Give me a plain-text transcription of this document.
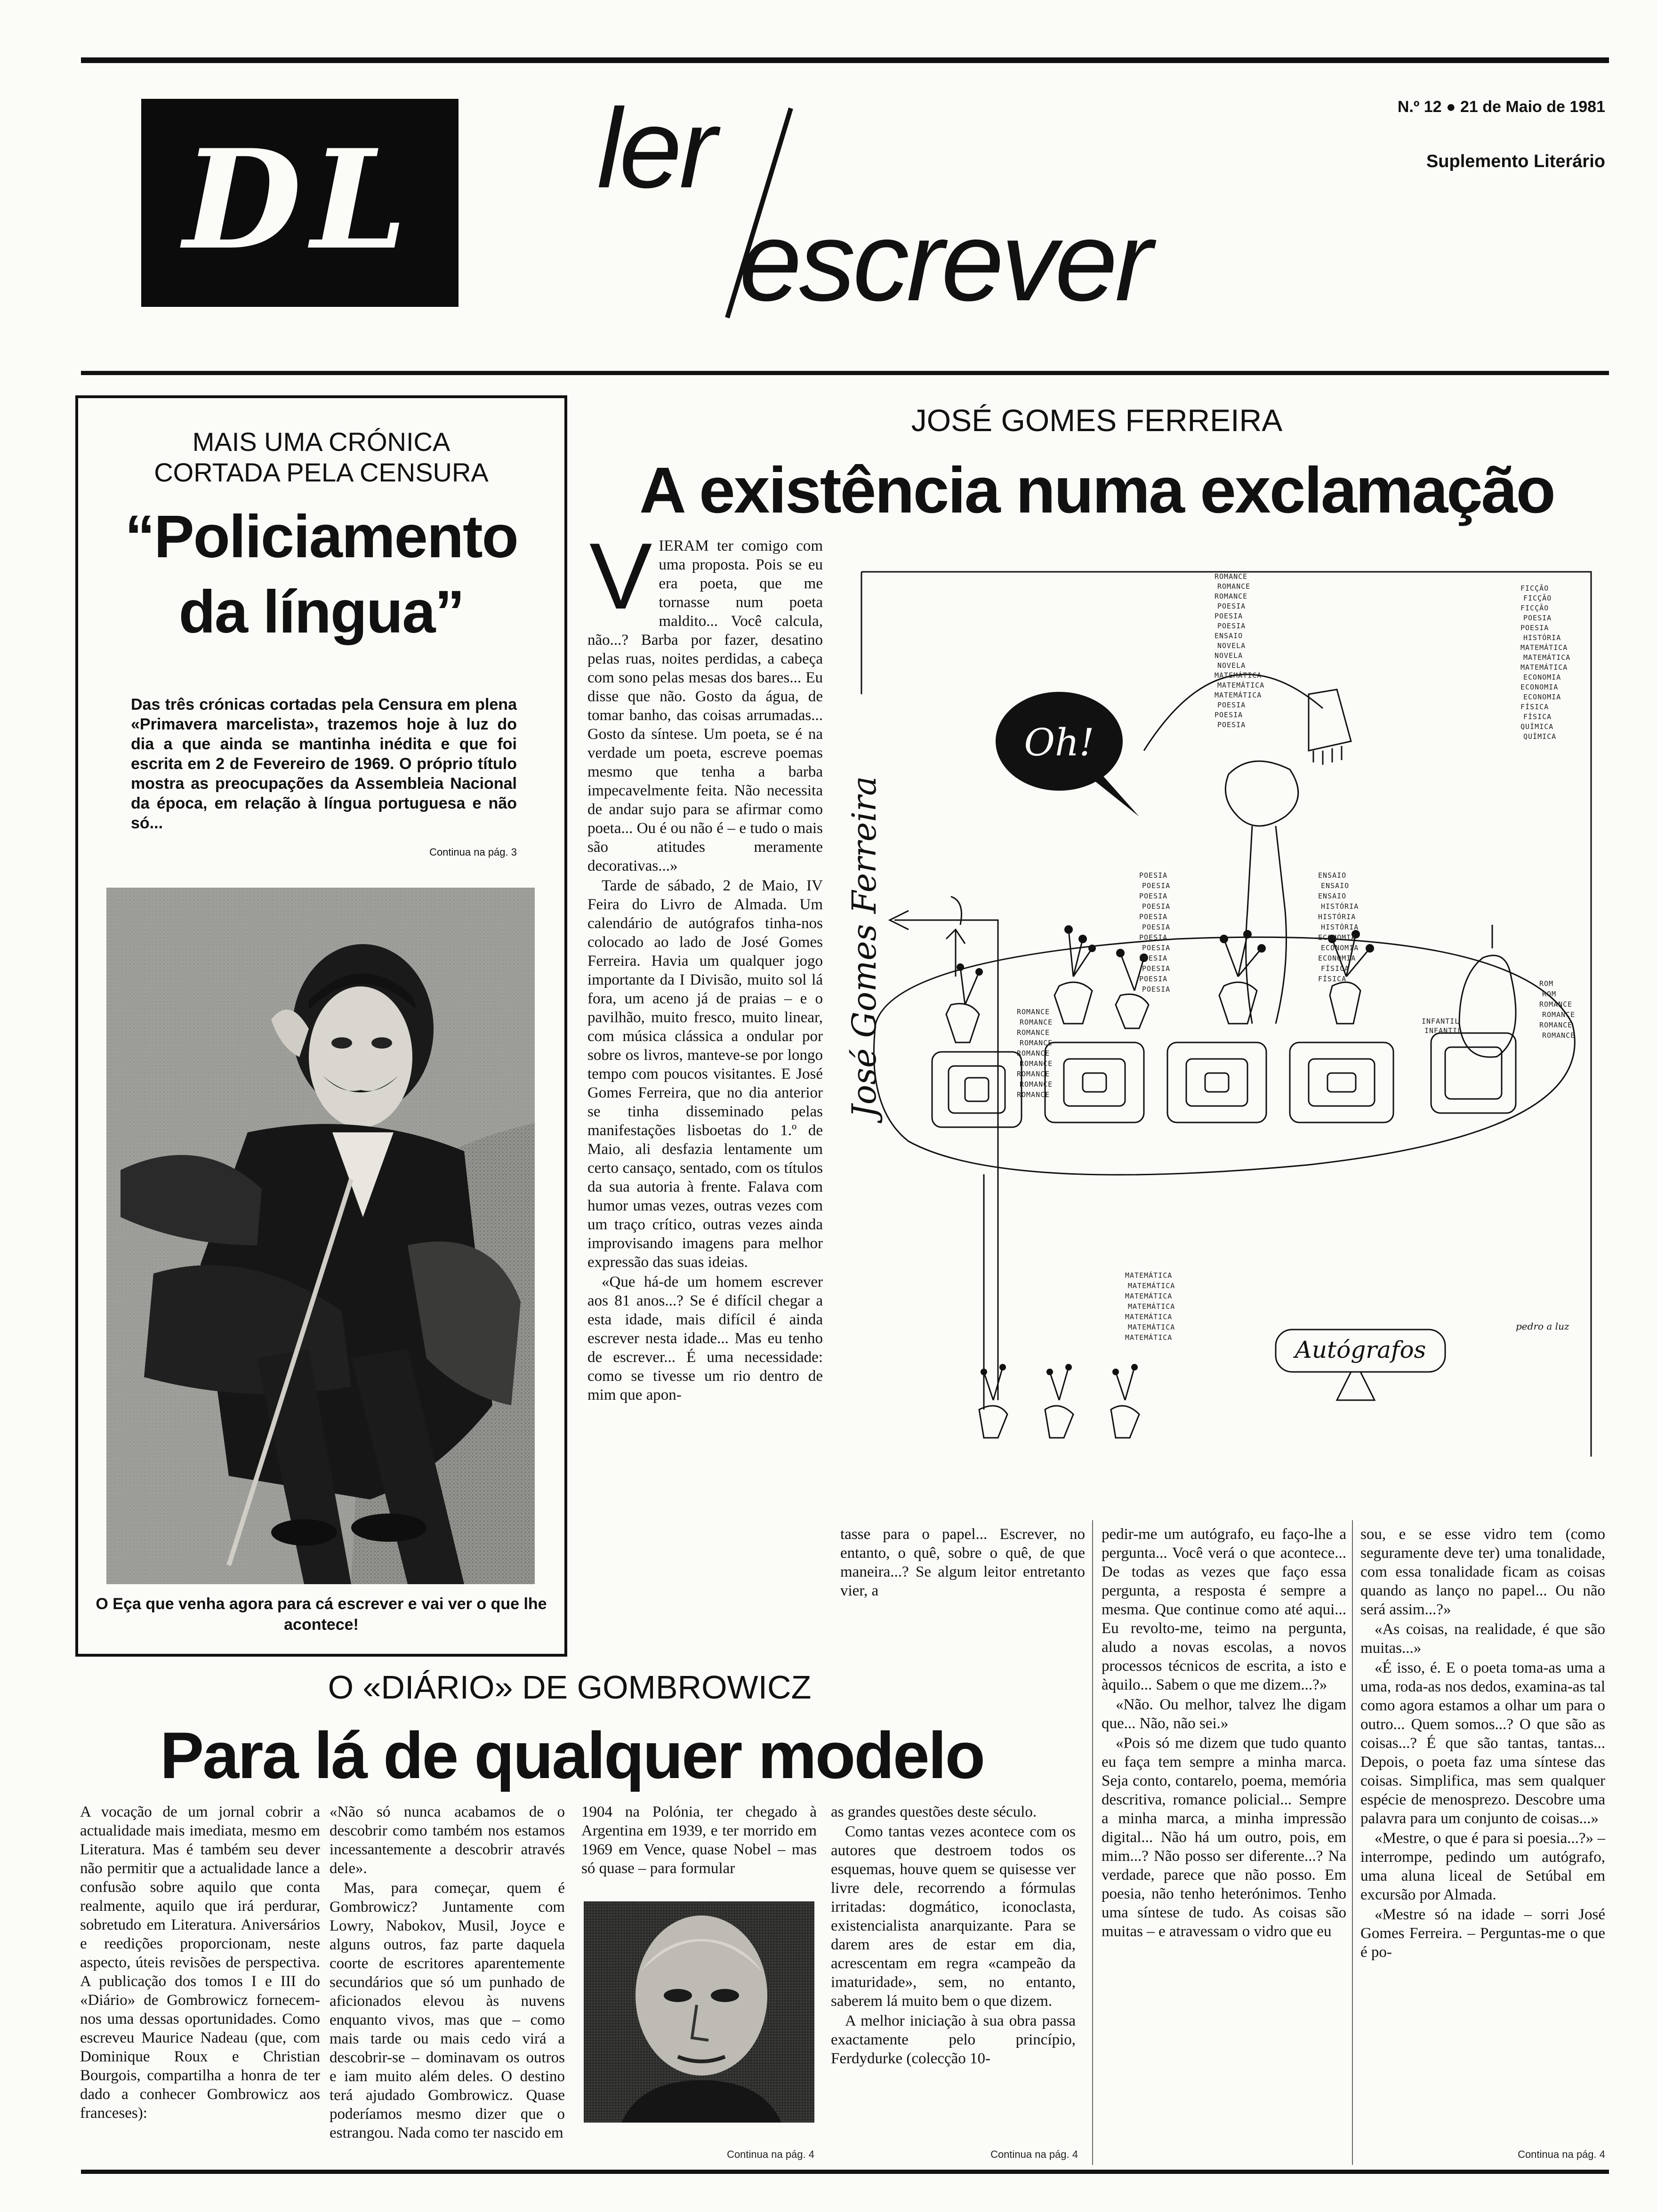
DL	ler
escrever
N.º 12 ● 21 de Maio de 1981
Suplemento Literário
MAIS UMA CRÓNICA
CORTADA PELA CENSURA
“Policiamento
da língua”
Das três crónicas cortadas pela Censura em plena «Primavera marcelista», trazemos hoje à luz do dia a que ainda se mantinha inédita e que foi escrita em 2 de Fevereiro de 1969. O próprio título mostra as preocupações da Assembleia Nacional da época, em relação à língua portuguesa e não só...
Continua na pág. 3
O Eça que venha agora para cá escrever e vai ver o que lhe acontece!
JOSÉ GOMES FERREIRA
A existência numa exclamação
V IERAM ter comigo com uma proposta. Pois se eu era poeta, que me tornasse num poeta maldito... Você calcula, não...? Barba por fazer, desatino pelas ruas, noites perdidas, a cabeça com sono pelas mesas dos bares... Eu disse que não. Gosto da água, de tomar banho, das coisas arrumadas... Gosto da síntese. Um poeta, se é na verdade um poeta, escreve poemas mesmo que tenha a barba impecavelmente feita. Não necessita de andar sujo para se afirmar como poeta... Ou é ou não é – e tudo o mais são atitudes meramente decorativas...»

Tarde de sábado, 2 de Maio, IV Feira do Livro de Almada. Um calendário de autógrafos tinha-nos colocado ao lado de José Gomes Ferreira. Havia um qualquer jogo importante da I Divisão, muito sol lá fora, um aceno já de praias – e o pavilhão, muito fresco, muito linear, com música clássica a ondular por sobre os livros, manteve-se por longo tempo com poucos visitantes. E José Gomes Ferreira, que no dia anterior se tinha disseminado pelas manifestações lisboetas do 1.º de Maio, ali desfazia lentamente um certo cansaço, sentado, com os títulos da sua autoria à frente. Falava com humor umas vezes, outras vezes com um traço crítico, outras vezes ainda improvisando imagens para melhor expressão das suas ideias.

«Que há-de um homem escrever aos 81 anos...? Se é difícil chegar a esta idade, mais difícil é ainda escrever nesta idade... Mas eu tenho de escrever... É uma necessidade: como se tivesse um rio dentro de mim que apon-

Oh!
José Gomes Ferreira
Autógrafos
pedro a luz
ROMANCE
ROMANCE
ROMANCE
POESIA
POESIA
POESIA
ENSAIO
NOVELA
NOVELA
NOVELA
MATEMÁTICA
MATEMÁTICA
MATEMÁTICA
POESIA
POESIA
POESIA
FICÇÃO
FICÇÃO
FICÇÃO
POESIA
POESIA
HISTÓRIA
MATEMÁTICA
MATEMÁTICA
MATEMÁTICA
ECONOMIA
ECONOMIA
ECONOMIA
FÍSICA
FÍSICA
QUÍMICA
QUÍMICA
POESIA
POESIA
POESIA
POESIA
POESIA
POESIA
POESIA
POESIA
POESIA
POESIA
POESIA
POESIA
ENSAIO
ENSAIO
ENSAIO
HISTÓRIA
HISTÓRIA
HISTÓRIA
ECONOMIA
ECONOMIA
ECONOMIA
FÍSICA
FÍSICA
ROMANCE
ROMANCE
ROMANCE
ROMANCE
ROMANCE
ROMANCE
ROMANCE
ROMANCE
ROMANCE
ROM
ROM
ROMANCE
ROMANCE
ROMANCE
ROMANCE
INFANTIL
INFANTIL
MATEMÁTICA
MATEMÁTICA
MATEMÁTICA
MATEMÁTICA
MATEMÁTICA
MATEMÁTICA
MATEMÁTICA

tasse para o papel... Escrever, no entanto, o quê, sobre o quê, de que maneira...? Se algum leitor entretanto vier, a

pedir-me um autógrafo, eu faço-lhe a pergunta... Você verá o que acontece... De todas as vezes que faço essa pergunta, a resposta é sempre a mesma. Que continue como até aqui... Eu revolto-me, teimo na pergunta, aludo a novas escolas, a novos processos técnicos de escrita, a isto e àquilo... Sabem o que me dizem...?»

«Não. Ou melhor, talvez lhe digam que... Não, não sei.»

«Pois só me dizem que tudo quanto eu faça tem sempre a minha marca. Seja conto, contarelo, poema, memória descritiva, romance policial... Sempre a minha marca, a minha impressão digital... Não há um outro, pois, em mim...? Não posso ser diferente...? Na verdade, parece que não posso. Em poesia, não tenho heterónimos. Tenho uma síntese de tudo. As coisas são muitas – e atravessam o vidro que eu

Continua na pág. 4

sou, e se esse vidro tem (como seguramente deve ter) uma tonalidade, com essa tonalidade ficam as coisas quando as lanço no papel... Ou não será assim...?»

«As coisas, na realidade, é que são muitas...»

«É isso, é. E o poeta toma-as uma a uma, roda-as nos dedos, examina-as tal como agora estamos a olhar um para o outro... Quem somos...? O que são as coisas...? É que são tantas, tantas... Depois, o poeta faz uma síntese das coisas. Simplifica, mas sem qualquer espécie de menosprezo. Descobre uma palavra para um conjunto de coisas...»

«Mestre, o que é para si poesia...?» – interrompe, pedindo um autógrafo, uma aluna liceal de Setúbal em excursão por Almada.

«Mestre só na idade – sorri José Gomes Ferreira. – Perguntas-me o que é po-

Continua na pág. 4
O «DIÁRIO» DE GOMBROWICZ
Para lá de qualquer modelo

A vocação de um jornal cobrir a actualidade mais imediata, mesmo em Literatura. Mas é também seu dever não permitir que a actualidade lance a confusão sobre aquilo que conta realmente, aquilo que irá perdurar, sobretudo em Literatura. Aniversários e reedições proporcionam, neste aspecto, úteis revisões de perspectiva. A publicação dos tomos I e III do «Diário» de Gombrowicz fornecem-nos uma dessas oportunidades. Como escreveu Maurice Nadeau (que, com Dominique Roux e Christian Bourgois, compartilha a honra de ter dado a conhecer Gombrowicz aos franceses):

«Não só nunca acabamos de o descobrir como também nos estamos incessantemente a descobrir através dele».

Mas, para começar, quem é Gombrowicz? Juntamente com Lowry, Nabokov, Musil, Joyce e alguns outros, faz parte daquela coorte de escritores aparentemente secundários que só um punhado de aficionados elevou às nuvens enquanto vivos, mas que – como mais tarde ou mais cedo virá a descobrir-se – dominavam os outros e iam muito além deles. O destino terá ajudado Gombrowicz. Quase poderíamos mesmo dizer que o estrangou. Nada como ter nascido em

1904 na Polónia, ter chegado à Argentina em 1939, e ter morrido em 1969 em Vence, quase Nobel – mas só quase – para formular

as grandes questões deste século.

Como tantas vezes acontece com os autores que destroem todos os esquemas, houve quem se quisesse ver livre dele, recorrendo a fórmulas irritadas: dogmático, iconoclasta, existencialista anarquizante. Para se darem ares de estar em dia, acrescentam em regra «campeão da imaturidade», sem, no entanto, saberem lá muito bem o que dizem.

A melhor iniciação à sua obra passa exactamente pelo princípio, Ferdydurke (colecção 10-

Continua na pág. 4
